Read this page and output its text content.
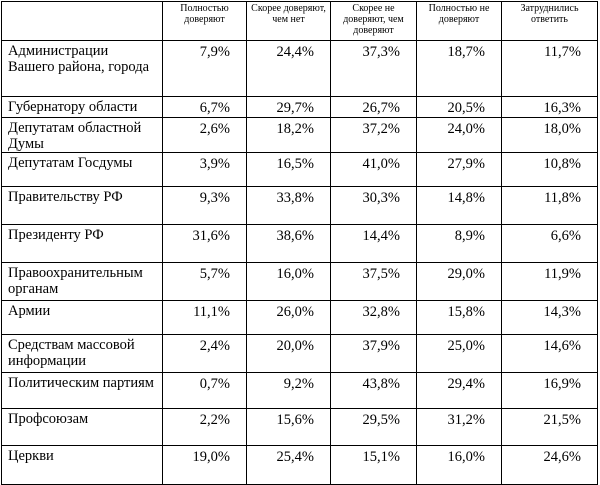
	Полностью доверяют	Скорее доверяют, чем нет	Скорее не доверяют, чем доверяют	Полностью не доверяют	Затруднились ответить
Администрации Вашего района, города	7,9%	24,4%	37,3%	18,7%	11,7%
Губернатору области	6,7%	29,7%	26,7%	20,5%	16,3%
Депутатам областной Думы	2,6%	18,2%	37,2%	24,0%	18,0%
Депутатам Госдумы	3,9%	16,5%	41,0%	27,9%	10,8%
Правительству РФ	9,3%	33,8%	30,3%	14,8%	11,8%
Президенту РФ	31,6%	38,6%	14,4%	8,9%	6,6%
Правоохранительным органам	5,7%	16,0%	37,5%	29,0%	11,9%
Армии	11,1%	26,0%	32,8%	15,8%	14,3%
Средствам массовой информации	2,4%	20,0%	37,9%	25,0%	14,6%
Политическим партиям	0,7%	9,2%	43,8%	29,4%	16,9%
Профсоюзам	2,2%	15,6%	29,5%	31,2%	21,5%
Церкви	19,0%	25,4%	15,1%	16,0%	24,6%
